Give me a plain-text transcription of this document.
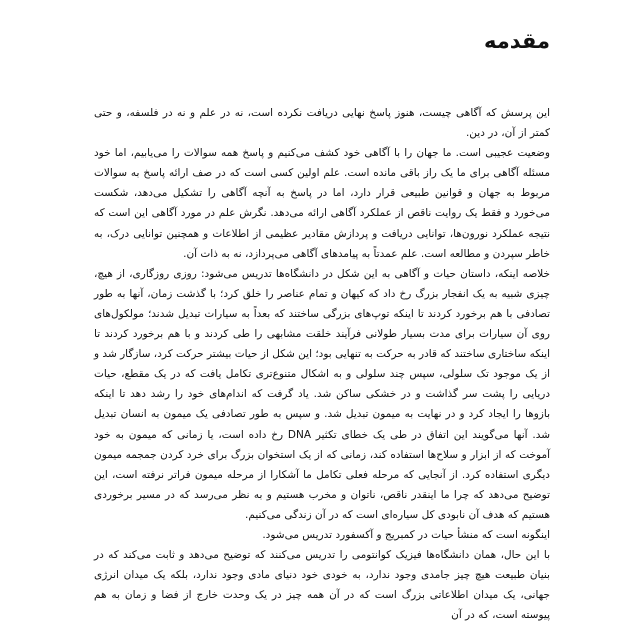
مقدمه

این پرسش که آگاهی چیست، هنوز پاسخ نهایی دریافت نکرده است، نه در علم و نه در فلسفه، و حتی کمتر از آن، در دین.

وضعیت عجیبی است. ما جهان را با آگاهی خود کشف می‌کنیم و پاسخ همه سوالات را می‌یابیم، اما خود مسئله آگاهی برای ما یک راز باقی مانده است. علم اولین کسی است که در صف ارائه پاسخ به سوالات مربوط به جهان و قوانین طبیعی قرار دارد، اما در پاسخ به آنچه آگاهی را تشکیل می‌دهد، شکست می‌خورد و فقط یک روایت ناقص از عملکرد آگاهی ارائه می‌دهد. نگرش علم در مورد آگاهی این است که نتیجه عملکرد نورون‌ها، توانایی دریافت و پردازش مقادیر عظیمی از اطلاعات و همچنین توانایی درک، به خاطر سپردن و مطالعه است. علم عمدتاً به پیامدهای آگاهی می‌پردازد، نه به ذات آن.

خلاصه اینکه، داستان حیات و آگاهی به این شکل در دانشگاه‌ها تدریس می‌شود: روزی روزگاری، از هیچ، چیزی شبیه به یک انفجار بزرگ رخ داد که کیهان و تمام عناصر را خلق کرد؛ با گذشت زمان، آنها به طور تصادفی با هم برخورد کردند تا اینکه توپ‌های بزرگی ساختند که بعداً به سیارات تبدیل شدند؛ مولکول‌های روی آن سیارات برای مدت بسیار طولانی فرآیند خلقت مشابهی را طی کردند و با هم برخورد کردند تا اینکه ساختاری ساختند که قادر به حرکت به تنهایی بود؛ این شکل از حیات بیشتر حرکت کرد، سازگار شد و از یک موجود تک سلولی، سپس چند سلولی و به اشکال متنوع‌تری تکامل یافت که در یک مقطع، حیات دریایی را پشت سر گذاشت و در خشکی ساکن شد. یاد گرفت که اندام‌های خود را رشد دهد تا اینکه بازوها را ایجاد کرد و در نهایت به میمون تبدیل شد. و سپس به طور تصادفی یک میمون به انسان تبدیل شد. آنها می‌گویند این اتفاق در طی یک خطای تکثیر DNA رخ داده است، یا زمانی که میمون به خود آموخت که از ابزار و سلاح‌ها استفاده کند، زمانی که از یک استخوان بزرگ برای خرد کردن جمجمه میمون دیگری استفاده کرد. از آنجایی که مرحله فعلی تکامل ما آشکارا از مرحله میمون فراتر نرفته است، این توضیح می‌دهد که چرا ما اینقدر ناقص، ناتوان و مخرب هستیم و به نظر می‌رسد که در مسیر برخوردی هستیم که هدف آن نابودی کل سیاره‌ای است که در آن زندگی می‌کنیم.

اینگونه است که منشأ حیات در کمبریج و آکسفورد تدریس می‌شود.

با این حال، همان دانشگاه‌ها فیزیک کوانتومی را تدریس می‌کنند که توضیح می‌دهد و ثابت می‌کند که در بنیان طبیعت هیچ چیز جامدی وجود ندارد، به خودی خود دنیای مادی وجود ندارد، بلکه یک میدان انرژی جهانی، یک میدان اطلاعاتی بزرگ است که در آن همه چیز در یک وحدت خارج از فضا و زمان به هم پیوسته است، که در آن
